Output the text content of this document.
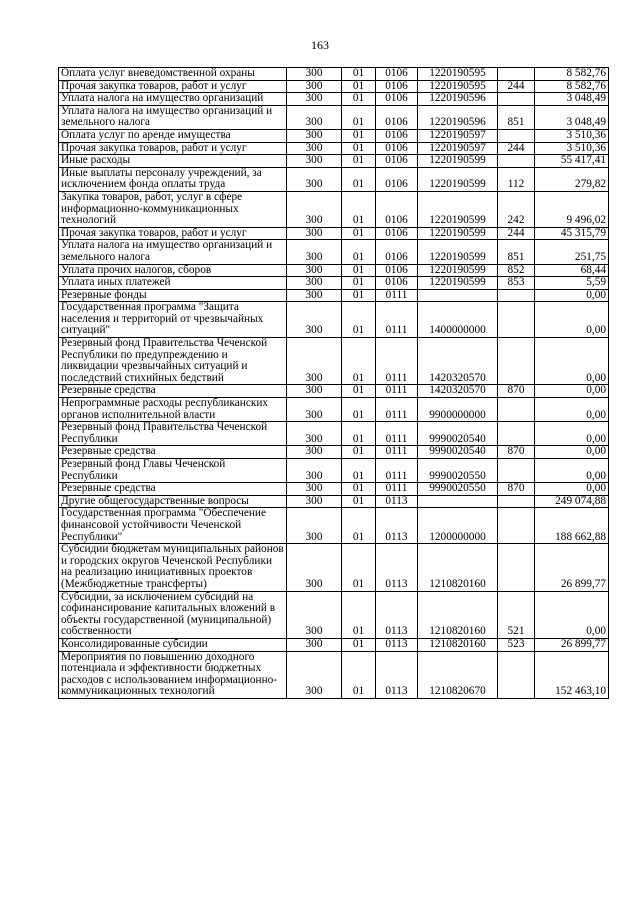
163
Оплата услуг вневедомственной охраны	300	01	0106	1220190595		8 582,76
Прочая закупка товаров, работ и услуг	300	01	0106	1220190595	244	8 582,76
Уплата налога на имущество организаций	300	01	0106	1220190596		3 048,49
Уплата налога на имущество организаций и земельного налога	300	01	0106	1220190596	851	3 048,49
Оплата услуг по аренде имущества	300	01	0106	1220190597		3 510,36
Прочая закупка товаров, работ и услуг	300	01	0106	1220190597	244	3 510,36
Иные расходы	300	01	0106	1220190599		55 417,41
Иные выплаты персоналу учреждений, за исключением фонда оплаты труда	300	01	0106	1220190599	112	279,82
Закупка товаров, работ, услуг в сфере информационно-коммуникационных технологий	300	01	0106	1220190599	242	9 496,02
Прочая закупка товаров, работ и услуг	300	01	0106	1220190599	244	45 315,79
Уплата налога на имущество организаций и земельного налога	300	01	0106	1220190599	851	251,75
Уплата прочих налогов, сборов	300	01	0106	1220190599	852	68,44
Уплата иных платежей	300	01	0106	1220190599	853	5,59
Резервные фонды	300	01	0111			0,00
Государственная программа "Защита населения и территорий от чрезвычайных ситуаций"	300	01	0111	1400000000		0,00
Резервный фонд Правительства Чеченской Республики по предупреждению и ликвидации чрезвычайных ситуаций и последствий стихийных бедствий	300	01	0111	1420320570		0,00
Резервные средства	300	01	0111	1420320570	870	0,00
Непрограммные расходы республиканских органов исполнительной власти	300	01	0111	9900000000		0,00
Резервный фонд Правительства Чеченской Республики	300	01	0111	9990020540		0,00
Резервные средства	300	01	0111	9990020540	870	0,00
Резервный фонд Главы Чеченской Республики	300	01	0111	9990020550		0,00
Резервные средства	300	01	0111	9990020550	870	0,00
Другие общегосударственные вопросы	300	01	0113			249 074,88
Государственная программа "Обеспечение финансовой устойчивости Чеченской Республики"	300	01	0113	1200000000		188 662,88
Субсидии бюджетам муниципальных районов и городских округов Чеченской Республики на реализацию инициативных проектов (Межбюджетные трансферты)	300	01	0113	1210820160		26 899,77
Субсидии, за исключением субсидий на софинансирование капитальных вложений в объекты государственной (муниципальной) собственности	300	01	0113	1210820160	521	0,00
Консолидированные субсидии	300	01	0113	1210820160	523	26 899,77
Мероприятия по повышению доходного потенциала и эффективности бюджетных расходов с использованием информационно-коммуникационных технологий	300	01	0113	1210820670		152 463,10
